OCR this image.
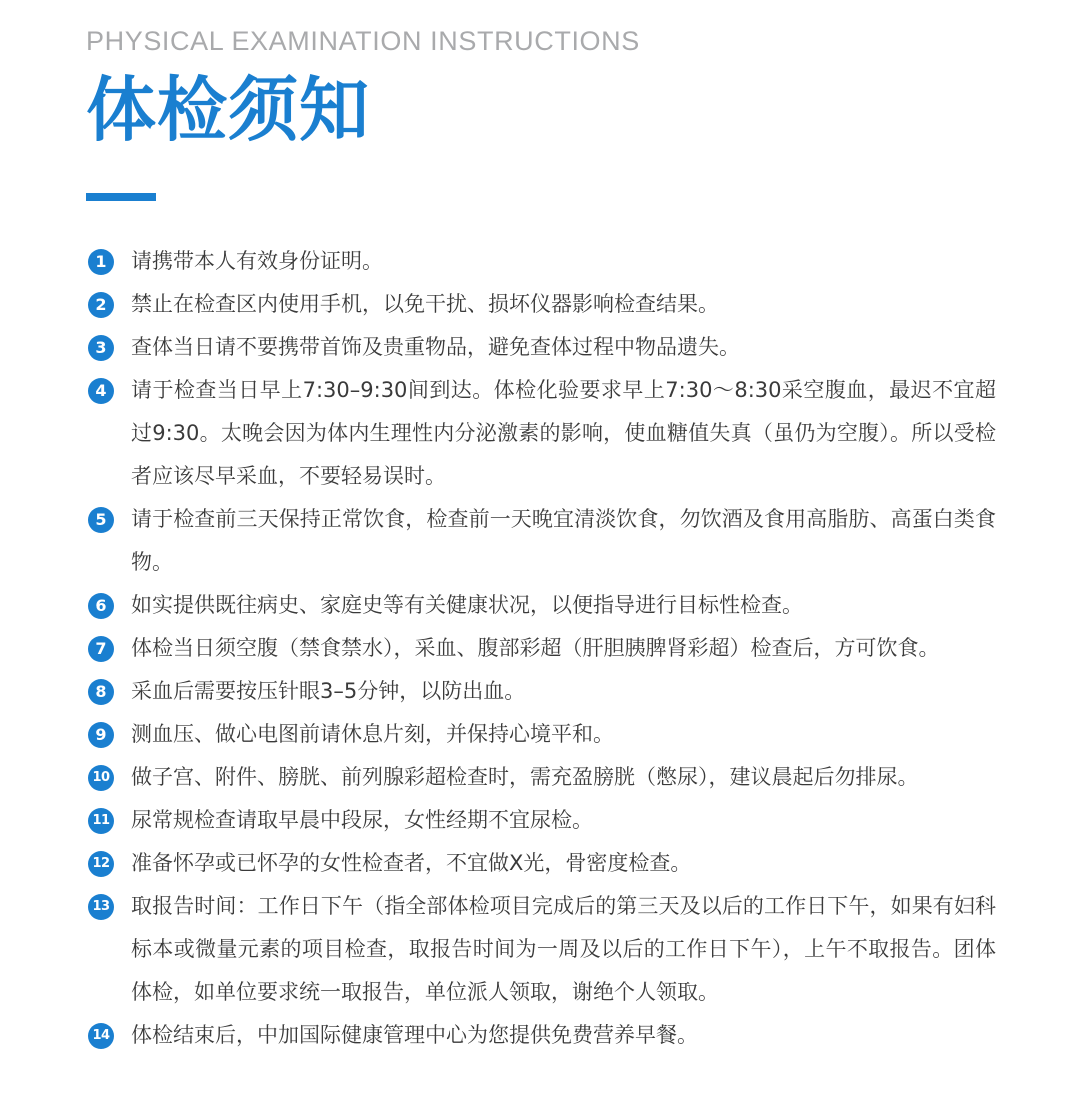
PHYSICAL EXAMINATION INSTRUCTIONS
体检须知
1	请携带本人有效身份证明。
2	禁止在检查区内使用手机，以免干扰、损坏仪器影响检查结果。
3	查体当日请不要携带首饰及贵重物品，避免查体过程中物品遗失。
4	请于检查当日早上7:30–9:30间到达。体检化验要求早上7:30～8:30采空腹血，最迟不宜超过9:30。太晚会因为体内生理性内分泌激素的影响，使血糖值失真（虽仍为空腹）。所以受检者应该尽早采血，不要轻易误时。
5	请于检查前三天保持正常饮食，检查前一天晚宜清淡饮食，勿饮酒及食用高脂肪、高蛋白类食物。
6	如实提供既往病史、家庭史等有关健康状况，以便指导进行目标性检查。
7	体检当日须空腹（禁食禁水），采血、腹部彩超（肝胆胰脾肾彩超）检查后，方可饮食。
8	采血后需要按压针眼3–5分钟，以防出血。
9	测血压、做心电图前请休息片刻，并保持心境平和。
10 做子宫、附件、膀胱、前列腺彩超检查时，需充盈膀胱（憋尿），建议晨起后勿排尿。
11 尿常规检查请取早晨中段尿，女性经期不宜尿检。
12 准备怀孕或已怀孕的女性检查者，不宜做X光，骨密度检查。
13 取报告时间：工作日下午（指全部体检项目完成后的第三天及以后的工作日下午，如果有妇科标本或微量元素的项目检查，取报告时间为一周及以后的工作日下午），上午不取报告。团体体检，如单位要求统一取报告，单位派人领取，谢绝个人领取。
14 体检结束后，中加国际健康管理中心为您提供免费营养早餐。
